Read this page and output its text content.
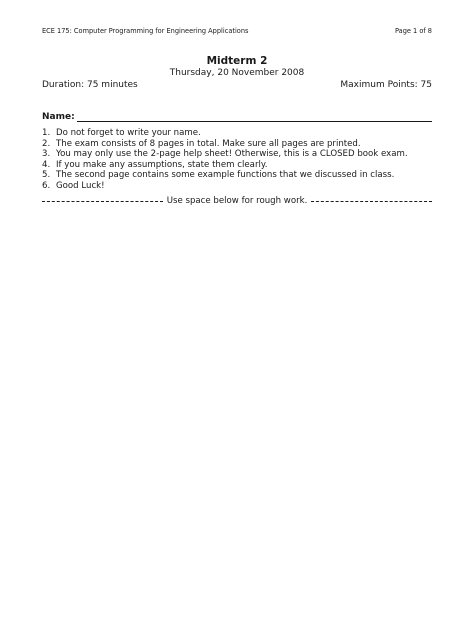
ECE 175: Computer Programming for Engineering Applications	Page 1 of 8
Midterm 2
Thursday, 20 November 2008
Duration: 75 minutes	Maximum Points: 75
Name:
1. Do not forget to write your name.
2. The exam consists of 8 pages in total. Make sure all pages are printed.
3. You may only use the 2-page help sheet! Otherwise, this is a CLOSED book exam.
4. If you make any assumptions, state them clearly.
5. The second page contains some example functions that we discussed in class.
6. Good Luck!
Use space below for rough work.
